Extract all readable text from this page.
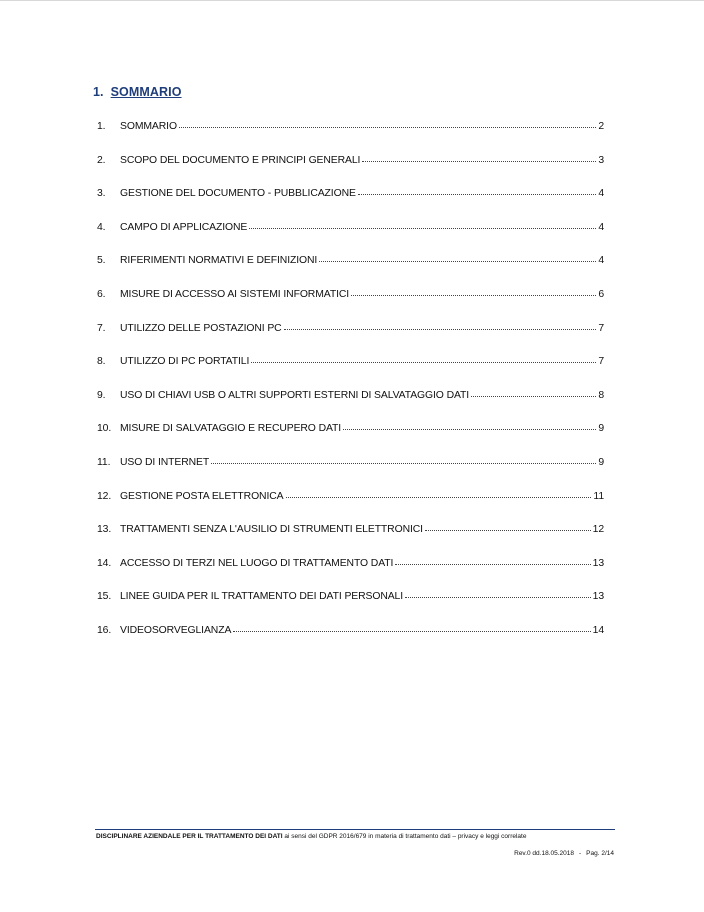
1. SOMMARIO
1.	SOMMARIO	2
2.	SCOPO DEL DOCUMENTO E PRINCIPI GENERALI	3
3.	GESTIONE DEL DOCUMENTO - PUBBLICAZIONE	4
4.	CAMPO DI APPLICAZIONE	4
5.	RIFERIMENTI NORMATIVI E DEFINIZIONI	4
6.	MISURE DI ACCESSO AI SISTEMI INFORMATICI	6
7.	UTILIZZO DELLE POSTAZIONI PC	7
8.	UTILIZZO DI PC PORTATILI	7
9.	USO DI CHIAVI USB O ALTRI SUPPORTI ESTERNI DI SALVATAGGIO DATI	8
10. MISURE DI SALVATAGGIO E RECUPERO DATI	9
11. USO DI INTERNET	9
12. GESTIONE POSTA ELETTRONICA	11
13. TRATTAMENTI SENZA L'AUSILIO DI STRUMENTI ELETTRONICI	12
14. ACCESSO DI TERZI NEL LUOGO DI TRATTAMENTO DATI	13
15. LINEE GUIDA PER IL TRATTAMENTO DEI DATI PERSONALI	13
16. VIDEOSORVEGLIANZA	14
DISCIPLINARE AZIENDALE PER IL TRATTAMENTO DEI DATI ai sensi del GDPR 2016/679 in materia di trattamento dati – privacy e leggi correlate
Rev.0 dd.18.05.2018 - Pag. 2/14
